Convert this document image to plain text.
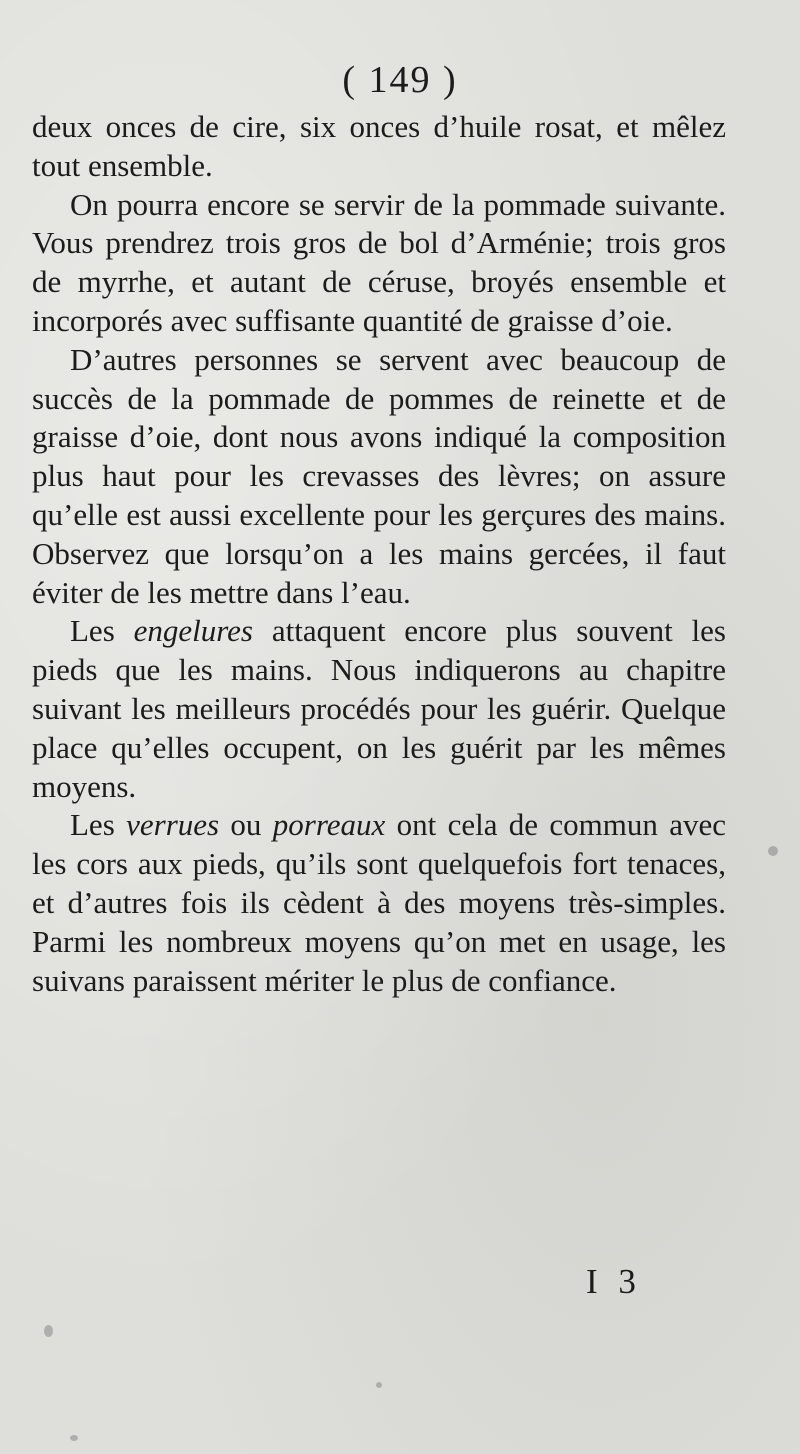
( 149 )

deux onces de cire, six onces d’huile rosat, et mêlez tout ensemble.

On pourra encore se servir de la pommade suivante. Vous prendrez trois gros de bol d’Arménie; trois gros de myrrhe, et autant de céruse, broyés ensemble et incorporés avec suffisante quantité de graisse d’oie.

D’autres personnes se servent avec beaucoup de succès de la pommade de pommes de reinette et de graisse d’oie, dont nous avons indiqué la composition plus haut pour les crevasses des lèvres; on assure qu’elle est aussi excellente pour les gerçures des mains. Observez que lorsqu’on a les mains gercées, il faut éviter de les mettre dans l’eau.

Les engelures attaquent encore plus souvent les pieds que les mains. Nous indiquerons au chapitre suivant les meilleurs procédés pour les guérir. Quelque place qu’elles occupent, on les guérit par les mêmes moyens.

Les verrues ou porreaux ont cela de commun avec les cors aux pieds, qu’ils sont quelquefois fort tenaces, et d’autres fois ils cèdent à des moyens très-simples. Parmi les nombreux moyens qu’on met en usage, les suivans paraissent mériter le plus de confiance.

I 3
